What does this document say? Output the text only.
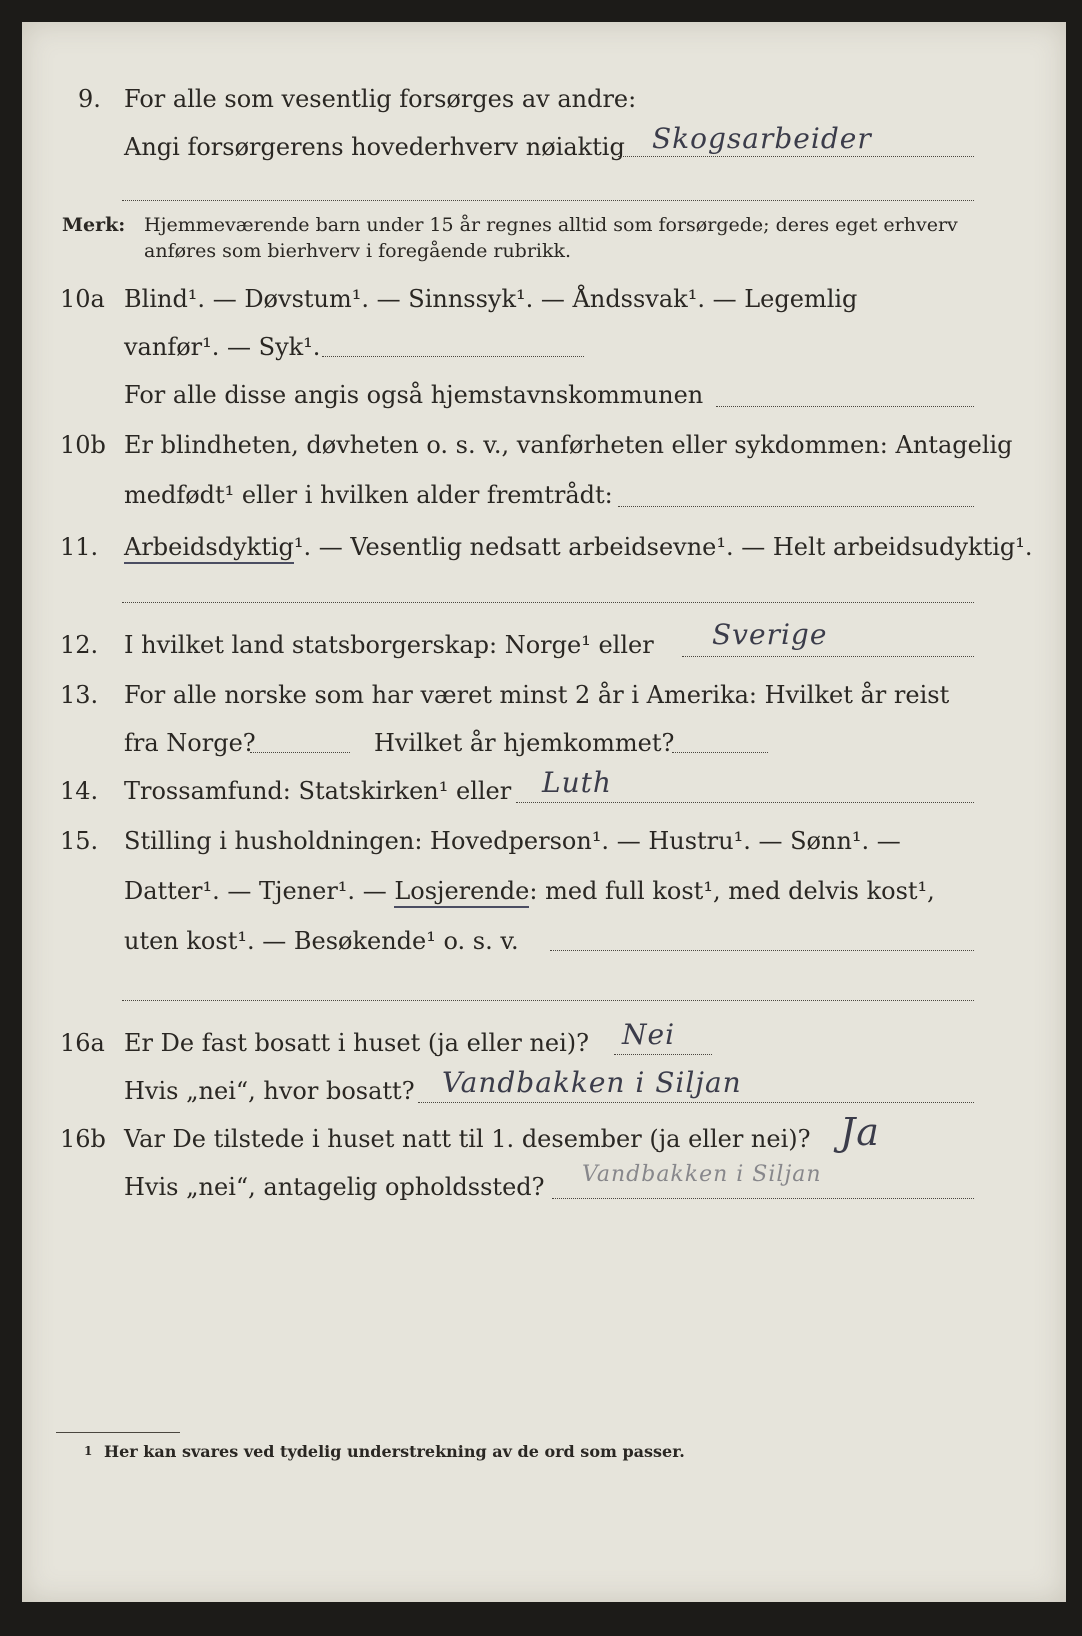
9. For alle som vesentlig forsørges av andre:
Angi forsørgerens hovederhverv nøiaktig Skogsarbeider
Merk: Hjemmeværende barn under 15 år regnes alltid som forsørgede; deres eget erhverv
anføres som bierhverv i foregående rubrikk.
10a Blind¹. — Døvstum¹. — Sinnssyk¹. — Åndssvak¹. — Legemlig
vanfør¹. — Syk¹.
For alle disse angis også hjemstavnskommunen
10b Er blindheten, døvheten o. s. v., vanførheten eller sykdommen: Antagelig
medfødt¹ eller i hvilken alder fremtrådt:
11. Arbeidsdyktig¹. — Vesentlig nedsatt arbeidsevne¹. — Helt arbeidsudyktig¹.
12. I hvilket land statsborgerskap: Norge¹ eller Sverige
13. For alle norske som har været minst 2 år i Amerika: Hvilket år reist
fra Norge?	Hvilket år hjemkommet?
14. Trossamfund: Statskirken¹ eller Luth
15. Stilling i husholdningen: Hovedperson¹. — Hustru¹. — Sønn¹. —
Datter¹. — Tjener¹. — Losjerende: med full kost¹, med delvis kost¹,
uten kost¹. — Besøkende¹ o. s. v.
16a Er De fast bosatt i huset (ja eller nei)? Nei
Hvis „nei“, hvor bosatt? Vandbakken i Siljan
16b Var De tilstede i huset natt til 1. desember (ja eller nei)? Ja
Hvis „nei“, antagelig opholdssted? Vandbakken i Siljan
1 Her kan svares ved tydelig understrekning av de ord som passer.
